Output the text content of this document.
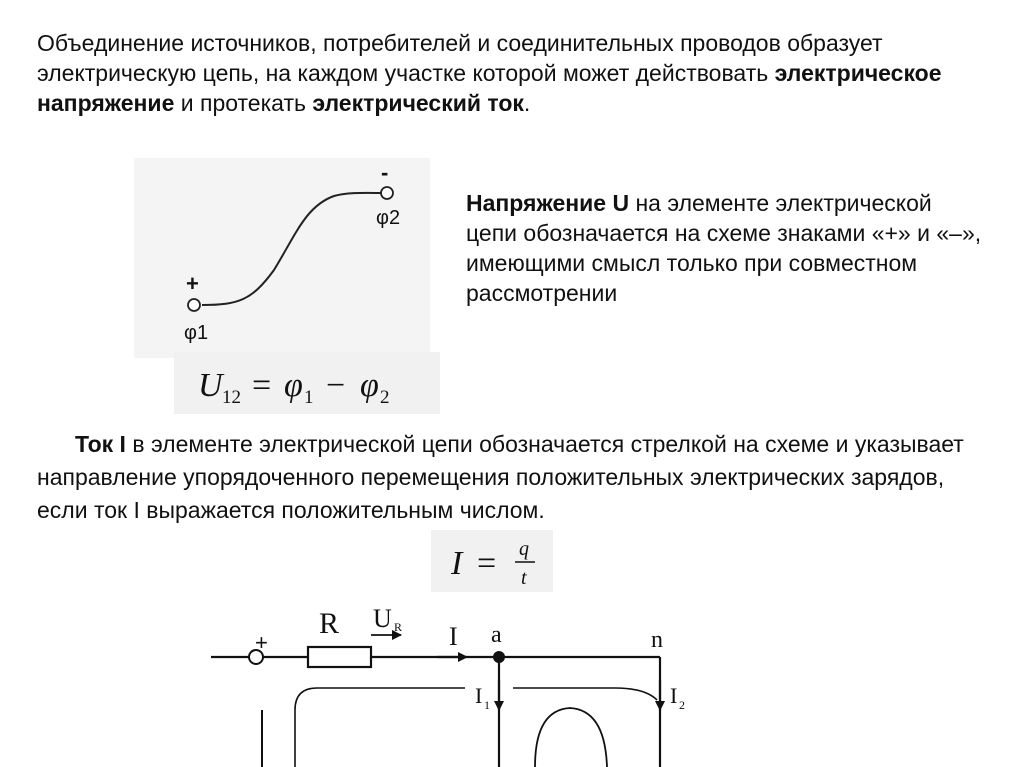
Объединение источников, потребителей и соединительных проводов образует электрическую цепь, на каждом участке которой может действовать электрическое напряжение и протекать электрический ток.
+
-
φ1
φ2
U 12 = φ 1 − φ 2
Напряжение U на элементе электрической цепи обозначается на схеме знаками «+» и «–», имеющими смысл только при совместном рассмотрении
Ток I в элементе электрической цепи обозначается стрелкой на схеме и указывает направление упорядоченного перемещения положительных электрических зарядов, если ток I выражается положительным числом.
I = q
t
+
R U R I a	n
I 1	I 2
